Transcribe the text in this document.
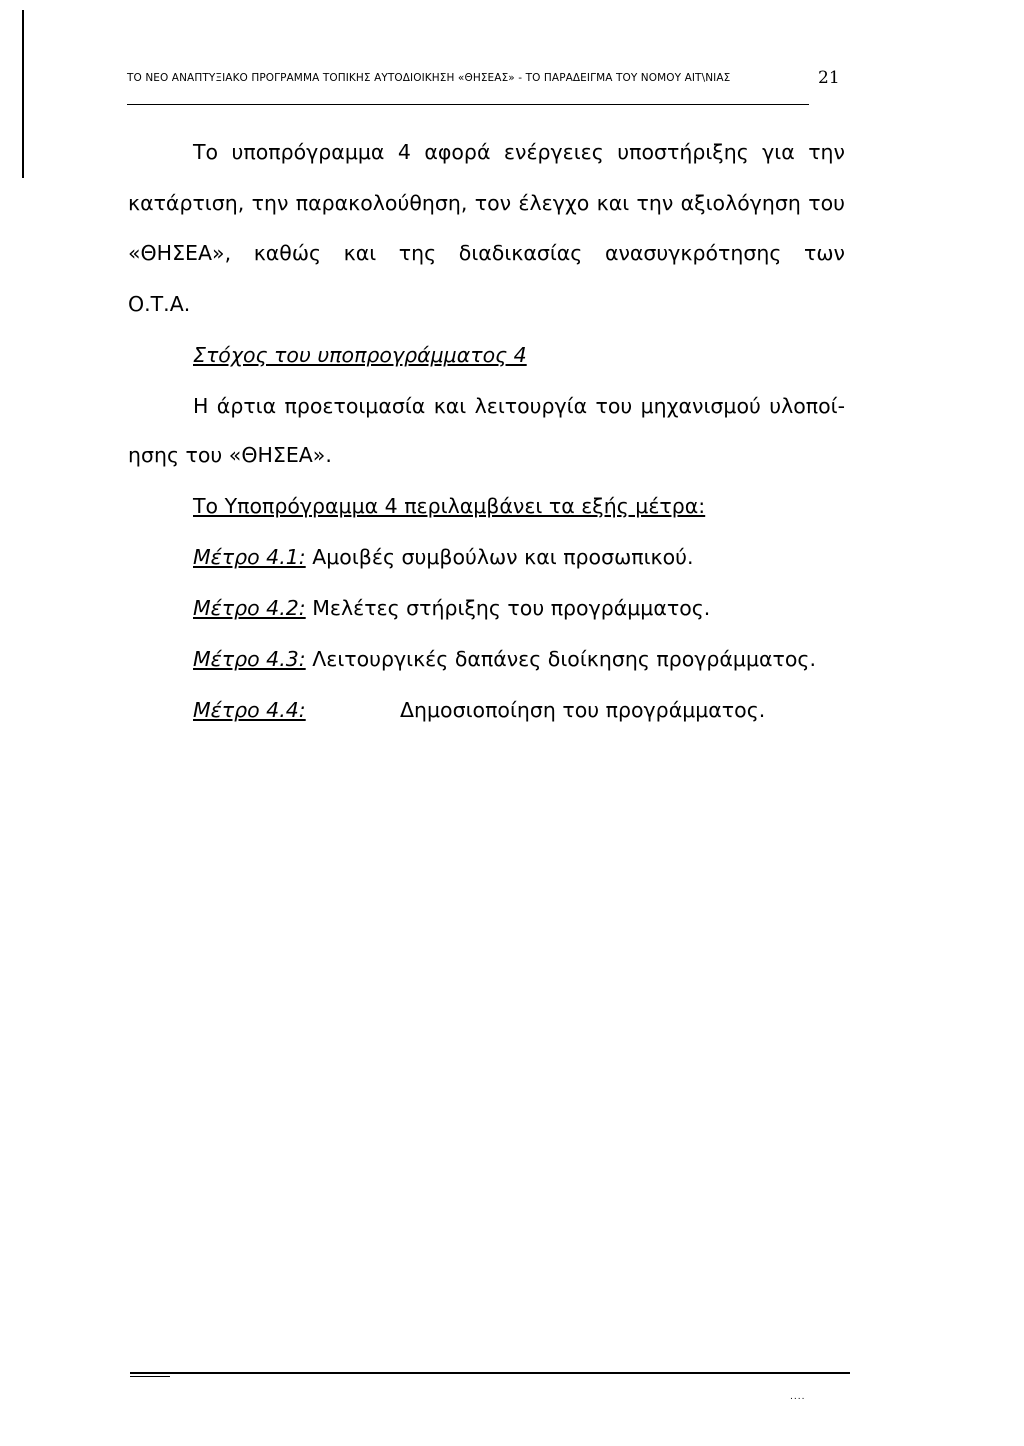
ΤΟ ΝΕΟ ΑΝΑΠΤΥΞΙΑΚΟ ΠΡΟΓΡΑΜΜΑ ΤΟΠΙΚΗΣ ΑΥΤΟΔΙΟΙΚΗΣΗ «ΘΗΣΕΑΣ» - ΤΟ ΠΑΡΑΔΕΙΓΜΑ ΤΟΥ ΝΟΜΟΥ ΑΙΤ\ΝΙΑΣ	21
Το υποπρόγραμμα 4 αφορά ενέργειες υποστήριξης για την
κατάρτιση, την παρακολούθηση, τον έλεγχο και την αξιολόγηση του
«ΘΗΣΕΑ», καθώς και της διαδικασίας ανασυγκρότησης των
Ο.Τ.Α.
Στόχος του υποπρογράμματος 4
Η άρτια προετοιμασία και λειτουργία του μηχανισμού υλοποί-
ησης του «ΘΗΣΕΑ».
Το Υποπρόγραμμα 4 περιλαμβάνει τα εξής μέτρα:
Μέτρο 4.1: Αμοιβές συμβούλων και προσωπικού.
Μέτρο 4.2: Μελέτες στήριξης του προγράμματος.
Μέτρο 4.3: Λειτουργικές δαπάνες διοίκησης προγράμματος.
Μέτρο 4.4:	Δημοσιοποίηση του προγράμματος.
....
